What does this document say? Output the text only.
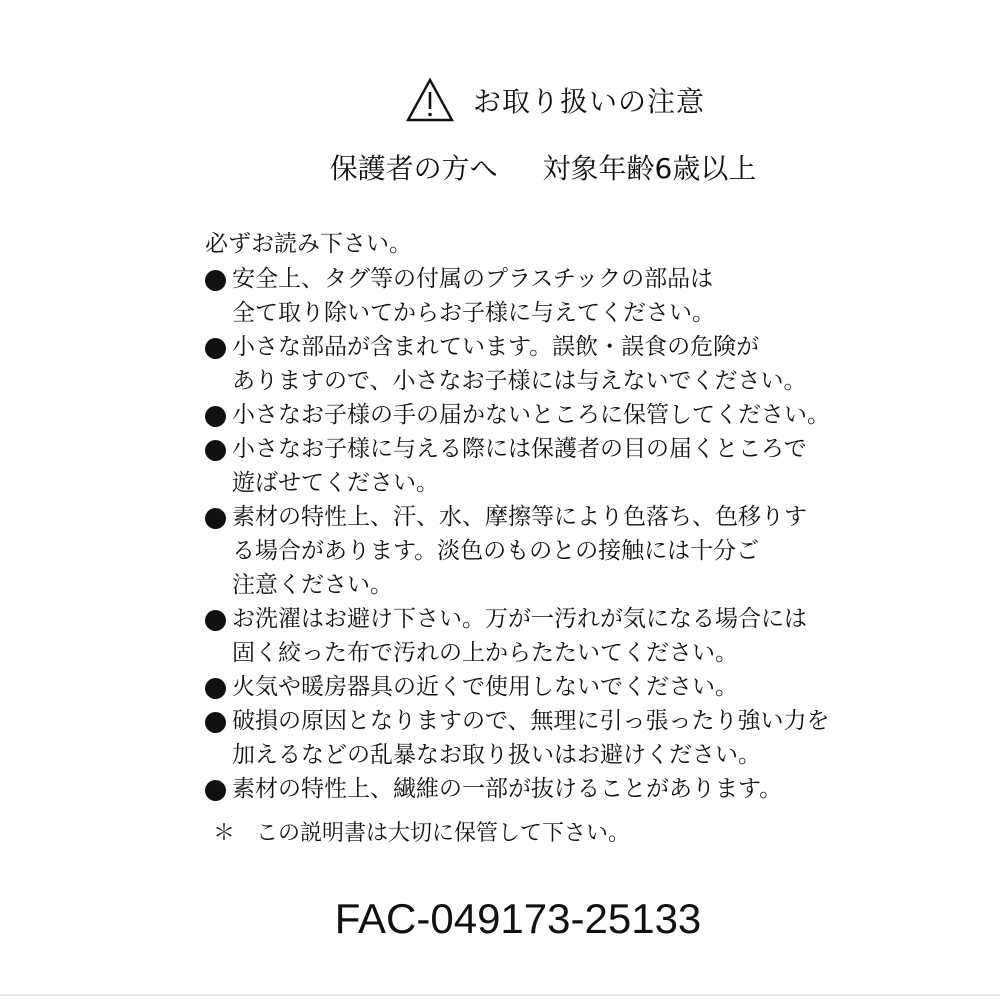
お取り扱いの注意
保護者の方へ 対象年齢6歳以上
必ずお読み下さい。
安全上、タグ等の付属のプラスチックの部品は
全て取り除いてからお子様に与えてください。
小さな部品が含まれています。誤飲・誤食の危険が
ありますので、小さなお子様には与えないでください。
小さなお子様の手の届かないところに保管してください。
小さなお子様に与える際には保護者の目の届くところで
遊ばせてください。
素材の特性上、汗、水、摩擦等により色落ち、色移りす
る場合があります。淡色のものとの接触には十分ご
注意ください。
お洗濯はお避け下さい。万が一汚れが気になる場合には
固く絞った布で汚れの上からたたいてください。
火気や暖房器具の近くで使用しないでください。
破損の原因となりますので、無理に引っ張ったり強い力を
加えるなどの乱暴なお取り扱いはお避けください。
素材の特性上、繊維の一部が抜けることがあります。
＊ この説明書は大切に保管して下さい。
FAC-049173-25133
